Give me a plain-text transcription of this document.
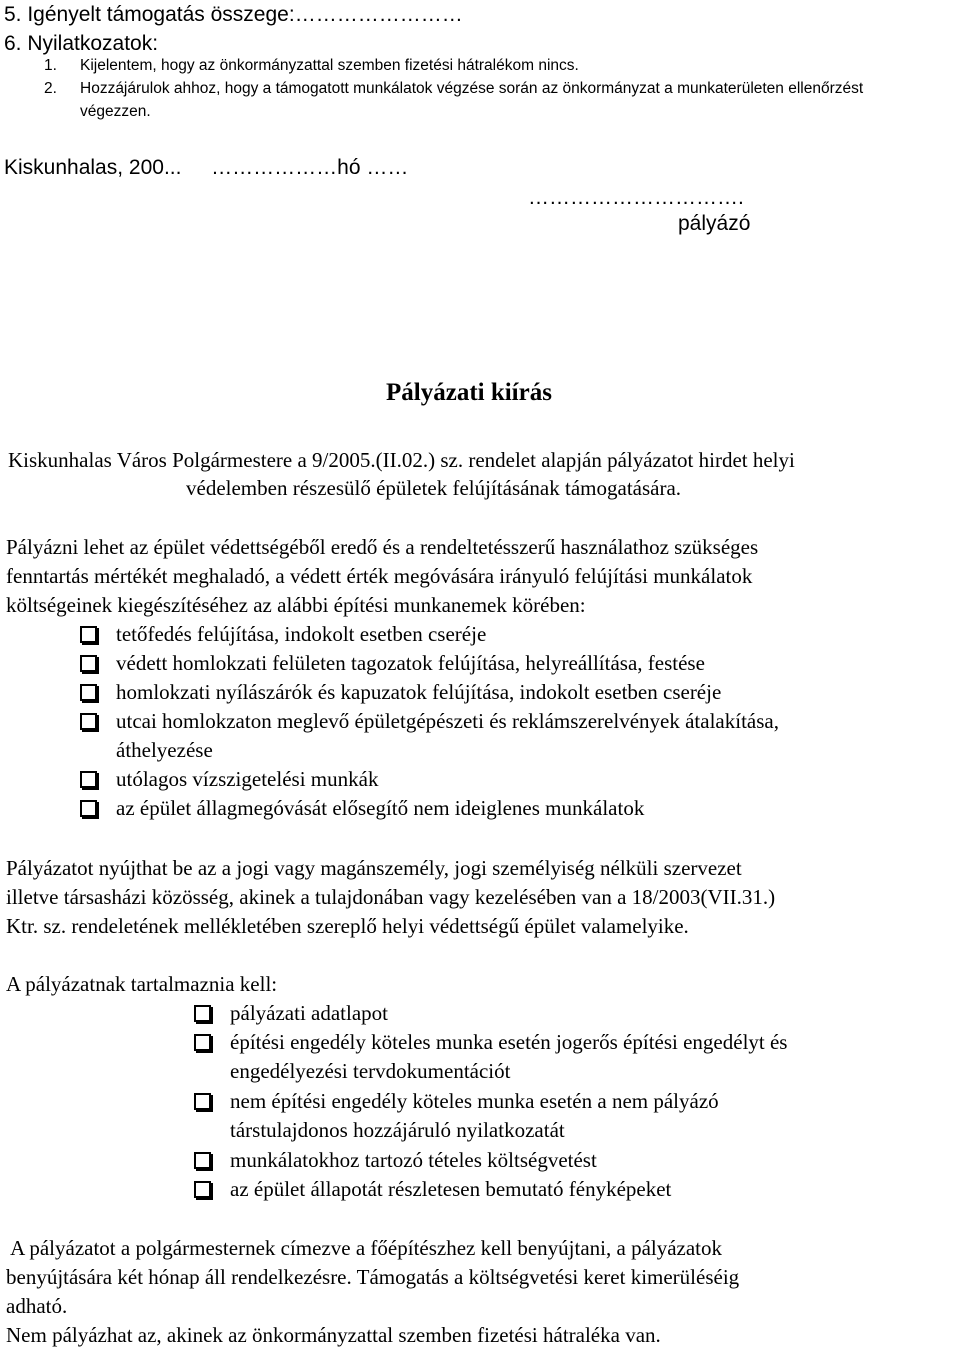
5. Igényelt támogatás összege:……………………
6. Nyilatkozatok:
1. Kijelentem, hogy az önkormányzattal szemben fizetési hátralékom nincs.
2. Hozzájárulok ahhoz, hogy a támogatott munkálatok végzése során az önkormányzat a munkaterületen ellenőrzést
végezzen.
Kiskunhalas, 200... ………………hó ……
………………………….
pályázó
Pályázati kiírás
Kiskunhalas Város Polgármestere a 9/2005.(II.02.) sz. rendelet alapján pályázatot hirdet helyi
védelemben részesülő épületek felújításának támogatására.
Pályázni lehet az épület védettségéből eredő és a rendeltetésszerű használathoz szükséges
fenntartás mértékét meghaladó, a védett érték megóvására irányuló felújítási munkálatok
költségeinek kiegészítéséhez az alábbi építési munkanemek körében:
tetőfedés felújítása, indokolt esetben cseréje
védett homlokzati felületen tagozatok felújítása, helyreállítása, festése
homlokzati nyílászárók és kapuzatok felújítása, indokolt esetben cseréje
utcai homlokzaton meglevő épületgépészeti és reklámszerelvények átalakítása,
áthelyezése
utólagos vízszigetelési munkák
az épület állagmegóvását elősegítő nem ideiglenes munkálatok
Pályázatot nyújthat be az a jogi vagy magánszemély, jogi személyiség nélküli szervezet
illetve társasházi közösség, akinek a tulajdonában vagy kezelésében van a 18/2003(VII.31.)
Ktr. sz. rendeletének mellékletében szereplő helyi védettségű épület valamelyike.
A pályázatnak tartalmaznia kell:
pályázati adatlapot
építési engedély köteles munka esetén jogerős építési engedélyt és
engedélyezési tervdokumentációt
nem építési engedély köteles munka esetén a nem pályázó
társtulajdonos hozzájáruló nyilatkozatát
munkálatokhoz tartozó tételes költségvetést
az épület állapotát részletesen bemutató fényképeket
A pályázatot a polgármesternek címezve a főépítészhez kell benyújtani, a pályázatok
benyújtására két hónap áll rendelkezésre. Támogatás a költségvetési keret kimerüléséig
adható.
Nem pályázhat az, akinek az önkormányzattal szemben fizetési hátraléka van.
